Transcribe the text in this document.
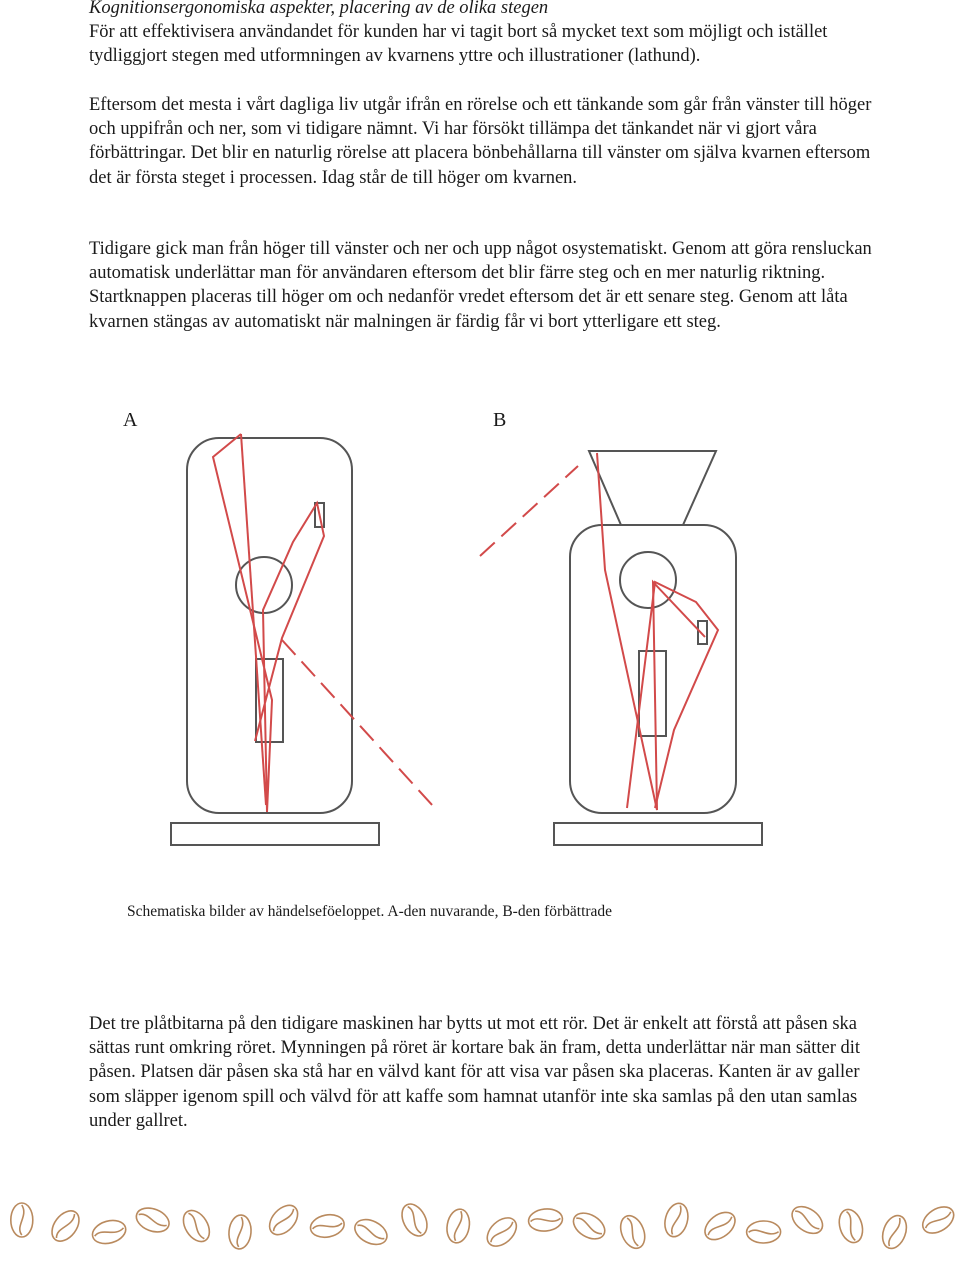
Kognitionsergonomiska aspekter, placering av de olika stegen

För att effektivisera användandet för kunden har vi tagit bort så mycket text som möjligt och istället tydliggjort stegen med utformningen av kvarnens yttre och illustrationer (lathund).

Eftersom det mesta i vårt dagliga liv utgår ifrån en rörelse och ett tänkande som går från vänster till höger och uppifrån och ner, som vi tidigare nämnt. Vi har försökt tillämpa det tänkandet när vi gjort våra förbättringar. Det blir en naturlig rörelse att placera bönbehållarna till vänster om själva kvarnen eftersom det är första steget i processen. Idag står de till höger om kvarnen.

Tidigare gick man från höger till vänster och ner och upp något osystematiskt. Genom att göra rensluckan automatisk underlättar man för användaren eftersom det blir färre steg och en mer naturlig riktning. Startknappen placeras till höger om och nedanför vredet eftersom det är ett senare steg. Genom att låta kvarnen stängas av automatiskt när malningen är färdig får vi bort ytterligare ett steg.

A	B
Schematiska bilder av händelseföeloppet. A-den nuvarande, B-den förbättrade

Det tre plåtbitarna på den tidigare maskinen har bytts ut mot ett rör. Det är enkelt att förstå att påsen ska sättas runt omkring röret. Mynningen på röret är kortare bak än fram, detta underlättar när man sätter dit påsen. Platsen där påsen ska stå har en välvd kant för att visa var påsen ska placeras. Kanten är av galler som släpper igenom spill och välvd för att kaffe som hamnat utanför inte ska samlas på den utan samlas under gallret.
